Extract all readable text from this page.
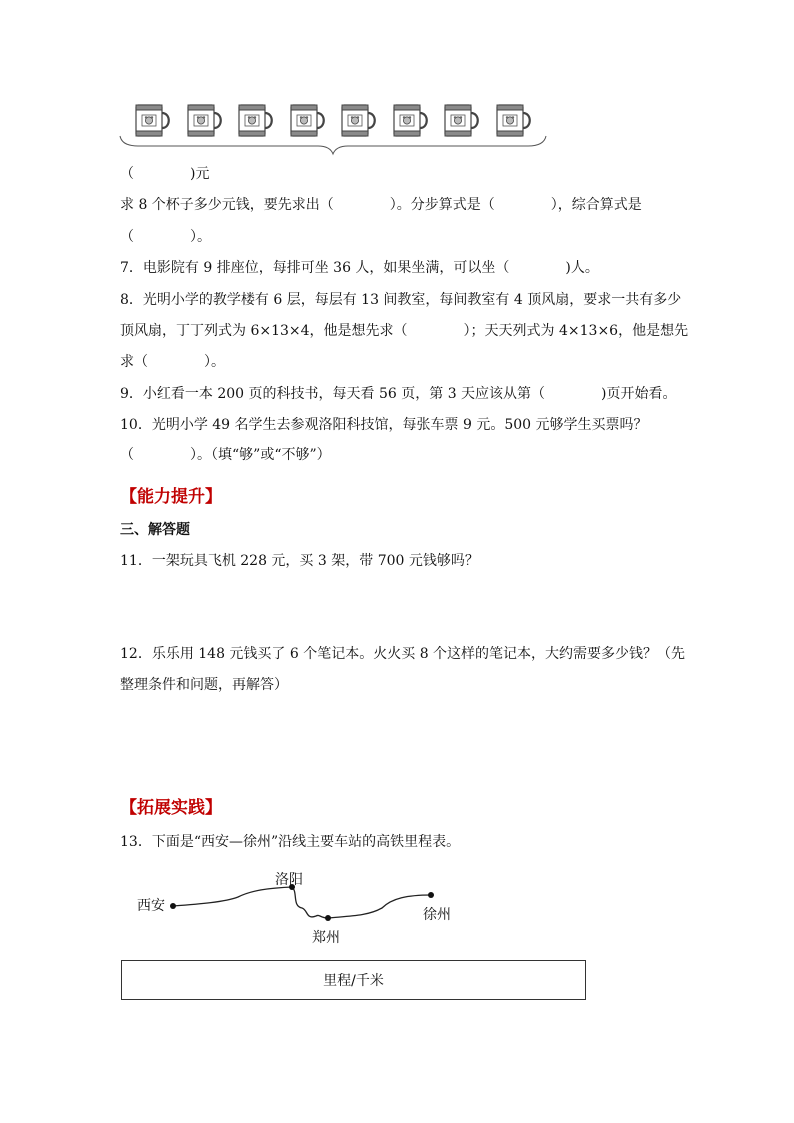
（　　　　)元
求 8 个杯子多少元钱，要先求出（　　　　）。分步算式是（　　　　），综合算式是
（　　　　）。
7．电影院有 9 排座位，每排可坐 36 人，如果坐满，可以坐（　　　　)人。
8．光明小学的教学楼有 6 层，每层有 13 间教室，每间教室有 4 顶风扇，要求一共有多少
顶风扇，丁丁列式为 6×13×4，他是想先求（　　　　）；天天列式为 4×13×6，他是想先
求（　　　　）。
9．小红看一本 200 页的科技书，每天看 56 页，第 3 天应该从第（　　　　)页开始看。
10．光明小学 49 名学生去参观洛阳科技馆，每张车票 9 元。500 元够学生买票吗？
（　　　　）。（填“够”或“不够”）
【能力提升】
三、解答题
11．一架玩具飞机 228 元，买 3 架，带 700 元钱够吗？
12．乐乐用 148 元钱买了 6 个笔记本。火火买 8 个这样的笔记本，大约需要多少钱？（先
整理条件和问题，再解答）
【拓展实践】
13．下面是“西安—徐州”沿线主要车站的高铁里程表。
西安
洛阳
郑州
徐州
里程/千米
